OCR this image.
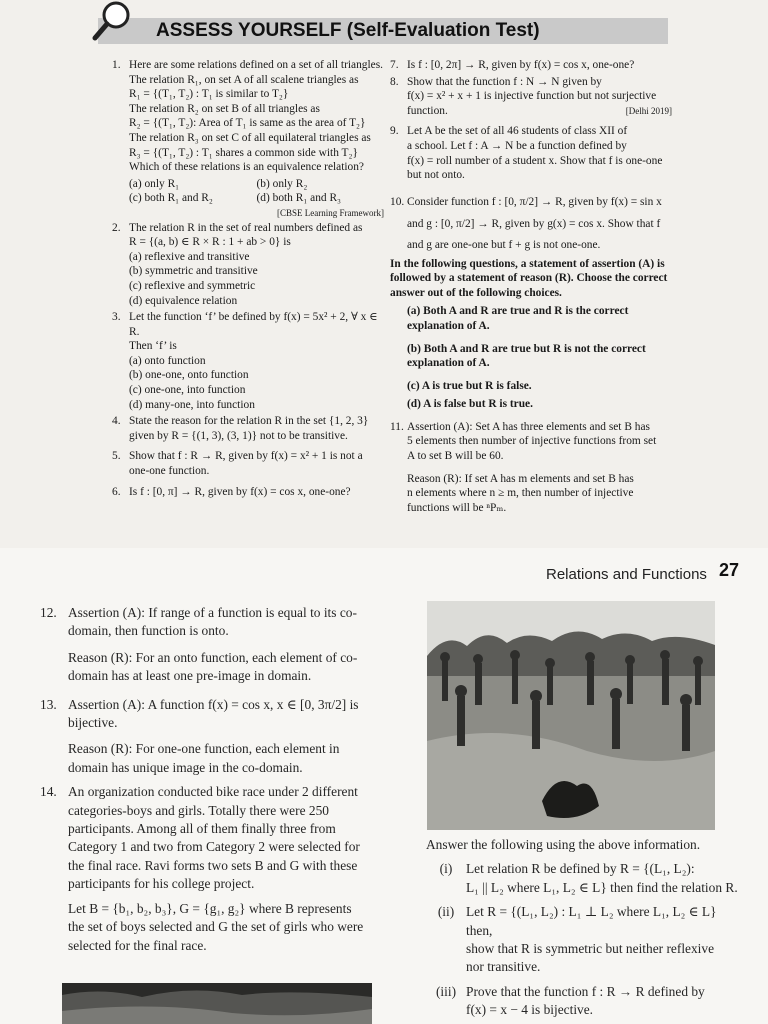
ASSESS YOURSELF (Self-Evaluation Test)
1. Here are some relations defined on a set of all triangles.
The relation R₁, on set A of all scalene triangles as
R₁ = {(T₁, T₂) : T₁ is similar to T₂}
The relation R₂ on set B of all triangles as
R₂ = {(T₁, T₂): Area of T₁ is same as the area of T₂}
The relation R₃ on set C of all equilateral triangles as
R₃ = {(T₁, T₂) : T₁ shares a common side with T₂}
Which of these relations is an equivalence relation?
(a) only R₁	(b) only R₂
(c) both R₁ and R₂	(d) both R₁ and R₃
[CBSE Learning Framework]
2. The relation R in the set of real numbers defined as
R = {(a, b) ∈ R × R : 1 + ab > 0} is
(a) reflexive and transitive
(b) symmetric and transitive
(c) reflexive and symmetric
(d) equivalence relation
3. Let the function ‘f’ be defined by f(x) = 5x² + 2, ∀ x ∈ R.
Then ‘f’ is
(a) onto function
(b) one-one, onto function
(c) one-one, into function
(d) many-one, into function
4. State the reason for the relation R in the set {1, 2, 3}
given by R = {(1, 3), (3, 1)} not to be transitive.
5. Show that f : R → R, given by f(x) = x² + 1 is not a
one-one function.
6. Is f : [0, π] → R, given by f(x) = cos x, one-one?
7. Is f : [0, 2π] → R, given by f(x) = cos x, one-one?
8. Show that the function f : N → N given by
f(x) = x² + x + 1 is injective function but not surjective
function.	[Delhi 2019]
9. Let A be the set of all 46 students of class XII of
a school. Let f : A → N be a function defined by
f(x) = roll number of a student x. Show that f is one-one
but not onto.
10. Consider function f : [0, π/2] → R, given by f(x) = sin x
and g : [0, π/2] → R, given by g(x) = cos x. Show that f
and g are one-one but f + g is not one-one.
In the following questions, a statement of assertion (A) is followed by a statement of reason (R). Choose the correct answer out of the following choices.
(a) Both A and R are true and R is the correct explanation of A.
(b) Both A and R are true but R is not the correct explanation of A.
(c) A is true but R is false.
(d) A is false but R is true.
11. Assertion (A): Set A has three elements and set B has
5 elements then number of injective functions from set
A to set B will be 60.
Reason (R): If set A has m elements and set B has
n elements where n ≥ m, then number of injective
functions will be ⁿPₘ.
Relations and Functions 27
12. Assertion (A): If range of a function is equal to its co-
domain, then function is onto.
Reason (R): For an onto function, each element of co-
domain has at least one pre-image in domain.
13. Assertion (A): A function f(x) = cos x, x ∈ [0, 3π/2] is
bijective.
Reason (R): For one-one function, each element in
domain has unique image in the co-domain.
14. An organization conducted bike race under 2 different
categories-boys and girls. Totally there were 250
participants. Among all of them finally three from
Category 1 and two from Category 2 were selected for
the final race. Ravi forms two sets B and G with these
participants for his college project.
Let B = {b₁, b₂, b₃}, G = {g₁, g₂} where B represents
the set of boys selected and G the set of girls who were
selected for the final race.
Answer the following using the above information.
(i)	Let relation R be defined by R = {(L₁, L₂):
L₁ || L₂ where L₁, L₂ ∈ L} then find the relation R.
(ii) Let R = {(L₁, L₂) : L₁ ⊥ L₂ where L₁, L₂ ∈ L} then,
show that R is symmetric but neither reflexive
nor transitive.
(iii) Prove that the function f : R → R defined by
f(x) = x − 4 is bijective.
